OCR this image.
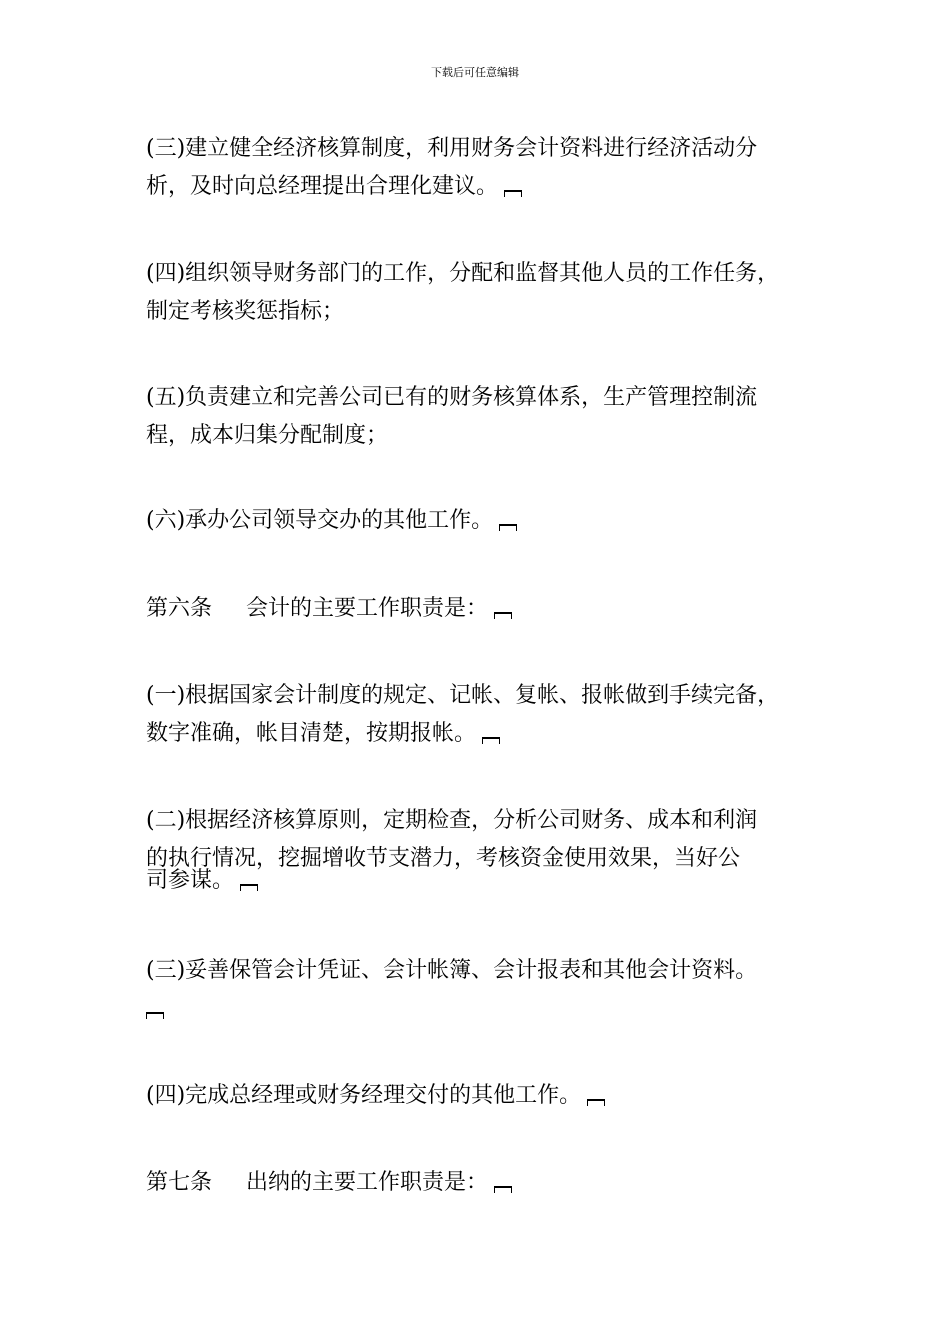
下载后可任意编辑
(三)建立健全经济核算制度，利用财务会计资料进行经济活动分
析，及时向总经理提出合理化建议。
(四)组织领导财务部门的工作，分配和监督其他人员的工作任务，
制定考核奖惩指标；
(五)负责建立和完善公司已有的财务核算体系，生产管理控制流
程，成本归集分配制度；
(六)承办公司领导交办的其他工作。
第六条 会计的主要工作职责是：
(一)根据国家会计制度的规定、记帐、复帐、报帐做到手续完备，
数字准确，帐目清楚，按期报帐。
(二)根据经济核算原则，定期检查，分析公司财务、成本和利润
的执行情况，挖掘增收节支潜力，考核资金使用效果，当好公
司参谋。
(三)妥善保管会计凭证、会计帐簿、会计报表和其他会计资料。
(四)完成总经理或财务经理交付的其他工作。
第七条 出纳的主要工作职责是：
